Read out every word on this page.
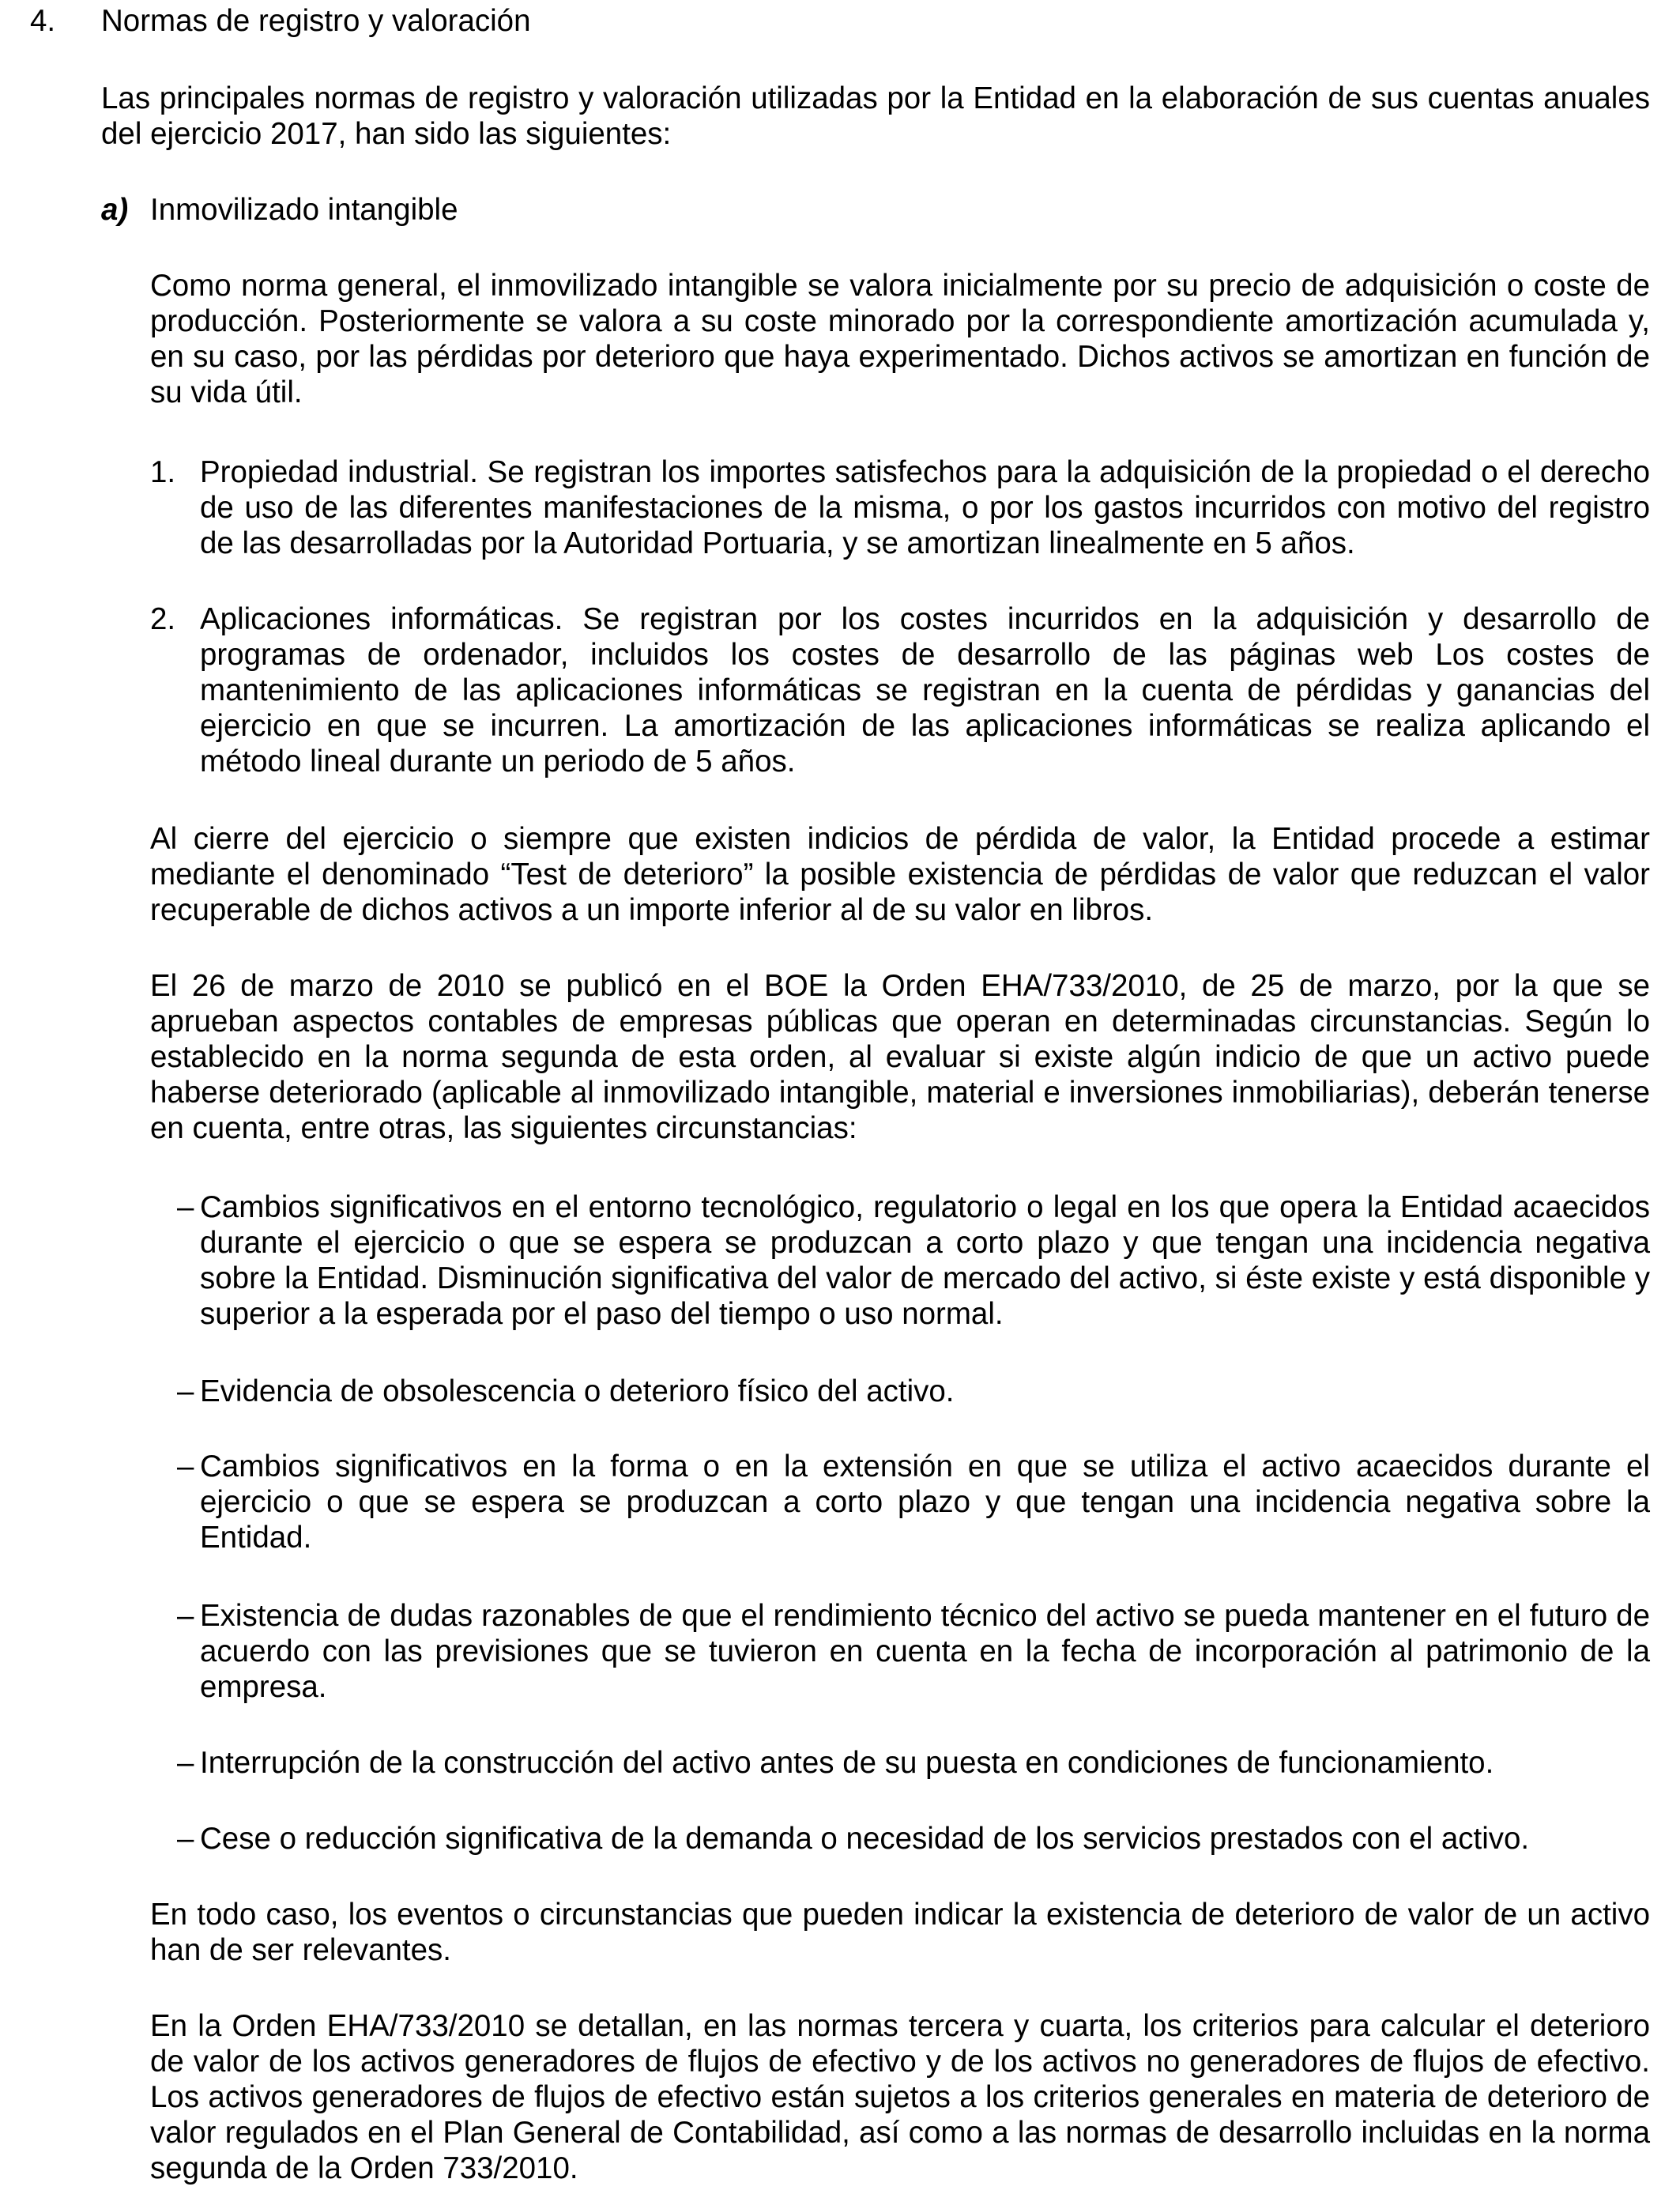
4. Normas de registro y valoración

Las principales normas de registro y valoración utilizadas por la Entidad en la elaboración de sus cuentas anuales del ejercicio 2017, han sido las siguientes:

a) Inmovilizado intangible

Como norma general, el inmovilizado intangible se valora inicialmente por su precio de adquisición o coste de producción. Posteriormente se valora a su coste minorado por la correspondiente amortización acumulada y, en su caso, por las pérdidas por deterioro que haya experimentado. Dichos activos se amortizan en función de su vida útil.

1. Propiedad industrial. Se registran los importes satisfechos para la adquisición de la propiedad o el derecho de uso de las diferentes manifestaciones de la misma, o por los gastos incurridos con motivo del registro de las desarrolladas por la Autoridad Portuaria, y se amortizan linealmente en 5 años.

2. Aplicaciones informáticas. Se registran por los costes incurridos en la adquisición y desarrollo de programas de ordenador, incluidos los costes de desarrollo de las páginas web Los costes de mantenimiento de las aplicaciones informáticas se registran en la cuenta de pérdidas y ganancias del ejercicio en que se incurren. La amortización de las aplicaciones informáticas se realiza aplicando el método lineal durante un periodo de 5 años.

Al cierre del ejercicio o siempre que existen indicios de pérdida de valor, la Entidad procede a estimar mediante el denominado “Test de deterioro” la posible existencia de pérdidas de valor que reduzcan el valor recuperable de dichos activos a un importe inferior al de su valor en libros.

El 26 de marzo de 2010 se publicó en el BOE la Orden EHA/733/2010, de 25 de marzo, por la que se aprueban aspectos contables de empresas públicas que operan en determinadas circunstancias. Según lo establecido en la norma segunda de esta orden, al evaluar si existe algún indicio de que un activo puede haberse deteriorado (aplicable al inmovilizado intangible, material e inversiones inmobiliarias), deberán tenerse en cuenta, entre otras, las siguientes circunstancias:

– Cambios significativos en el entorno tecnológico, regulatorio o legal en los que opera la Entidad acaecidos durante el ejercicio o que se espera se produzcan a corto plazo y que tengan una incidencia negativa sobre la Entidad. Disminución significativa del valor de mercado del activo, si éste existe y está disponible y superior a la esperada por el paso del tiempo o uso normal.

– Evidencia de obsolescencia o deterioro físico del activo.

– Cambios significativos en la forma o en la extensión en que se utiliza el activo acaecidos durante el ejercicio o que se espera se produzcan a corto plazo y que tengan una incidencia negativa sobre la Entidad.

– Existencia de dudas razonables de que el rendimiento técnico del activo se pueda mantener en el futuro de acuerdo con las previsiones que se tuvieron en cuenta en la fecha de incorporación al patrimonio de la empresa.

– Interrupción de la construcción del activo antes de su puesta en condiciones de funcionamiento.

– Cese o reducción significativa de la demanda o necesidad de los servicios prestados con el activo.

En todo caso, los eventos o circunstancias que pueden indicar la existencia de deterioro de valor de un activo han de ser relevantes.

En la Orden EHA/733/2010 se detallan, en las normas tercera y cuarta, los criterios para calcular el deterioro de valor de los activos generadores de flujos de efectivo y de los activos no generadores de flujos de efectivo. Los activos generadores de flujos de efectivo están sujetos a los criterios generales en materia de deterioro de valor regulados en el Plan General de Contabilidad, así como a las normas de desarrollo incluidas en la norma segunda de la Orden 733/2010.
